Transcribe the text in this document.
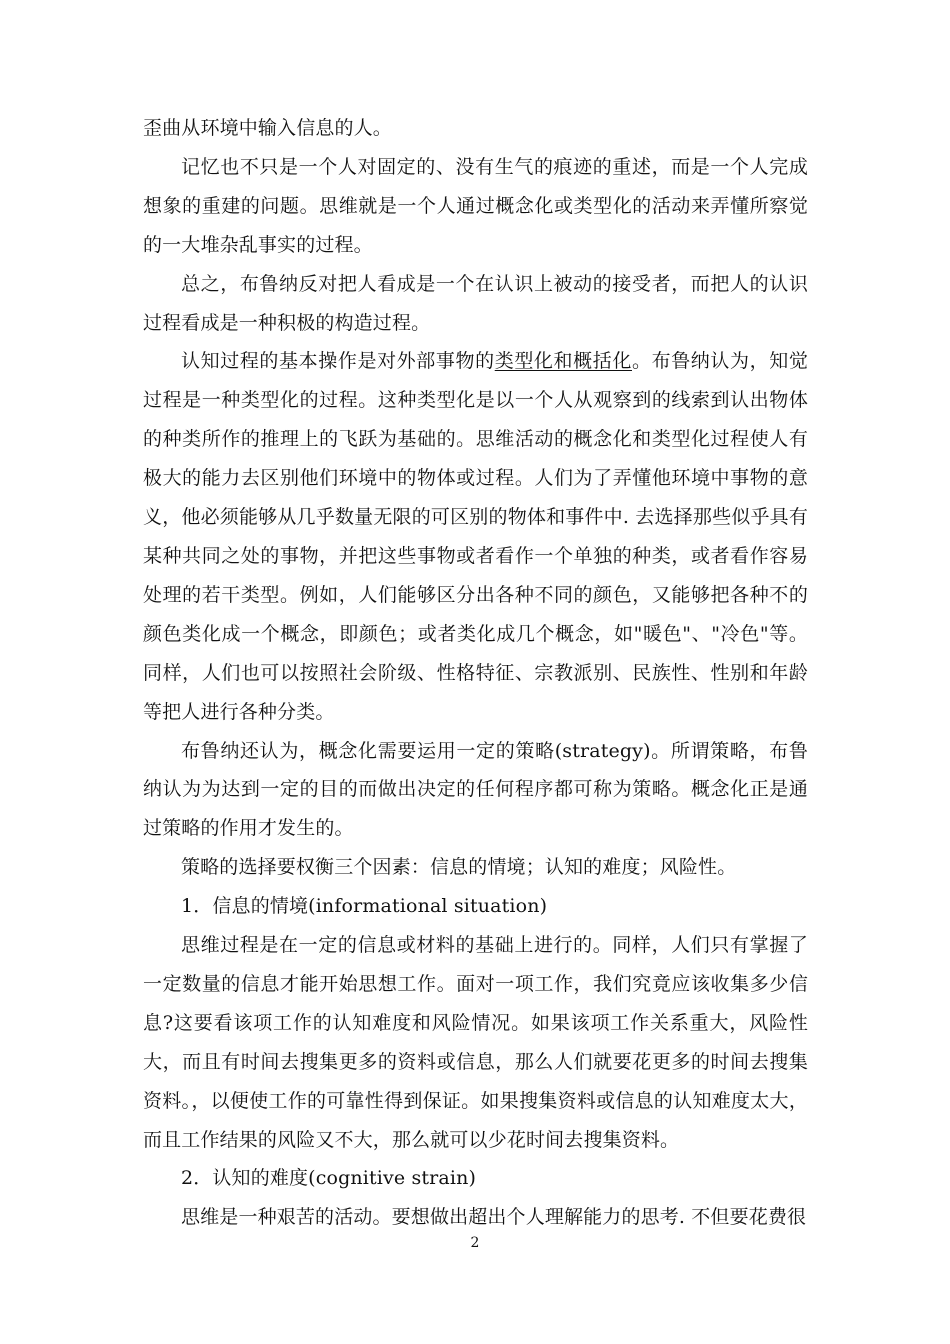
歪曲从环境中输入信息的人。

记忆也不只是一个人对固定的、没有生气的痕迹的重述，而是一个人完成想象的重建的问题。思维就是一个人通过概念化或类型化的活动来弄懂所察觉的一大堆杂乱事实的过程。

总之，布鲁纳反对把人看成是一个在认识上被动的接受者，而把人的认识过程看成是一种积极的构造过程。

认知过程的基本操作是对外部事物的类型化和概括化。布鲁纳认为，知觉过程是一种类型化的过程。这种类型化是以一个人从观察到的线索到认出物体的种类所作的推理上的飞跃为基础的。思维活动的概念化和类型化过程使人有极大的能力去区别他们环境中的物体或过程。人们为了弄懂他环境中事物的意义，他必须能够从几乎数量无限的可区别的物体和事件中. 去选择那些似乎具有某种共同之处的事物，并把这些事物或者看作一个单独的种类，或者看作容易处理的若干类型。例如，人们能够区分出各种不同的颜色，又能够把各种不的颜色类化成一个概念，即颜色；或者类化成几个概念，如"暖色"、"冷色"等。同样，人们也可以按照社会阶级、性格特征、宗教派别、民族性、性别和年龄等把人进行各种分类。

布鲁纳还认为，概念化需要运用一定的策略(strategy)。所谓策略，布鲁纳认为为达到一定的目的而做出决定的任何程序都可称为策略。概念化正是通过策略的作用才发生的。

策略的选择要权衡三个因素：信息的情境；认知的难度；风险性。

1．信息的情境(informational situation)

思维过程是在一定的信息或材料的基础上进行的。同样，人们只有掌握了一定数量的信息才能开始思想工作。面对一项工作，我们究竟应该收集多少信息?这要看该项工作的认知难度和风险情况。如果该项工作关系重大，风险性大，而且有时间去搜集更多的资料或信息，那么人们就要花更多的时间去搜集资料。，以便使工作的可靠性得到保证。如果搜集资料或信息的认知难度太大，而且工作结果的风险又不大，那么就可以少花时间去搜集资料。

2．认知的难度(cognitive strain)

思维是一种艰苦的活动。要想做出超出个人理解能力的思考. 不但要花费很

2
